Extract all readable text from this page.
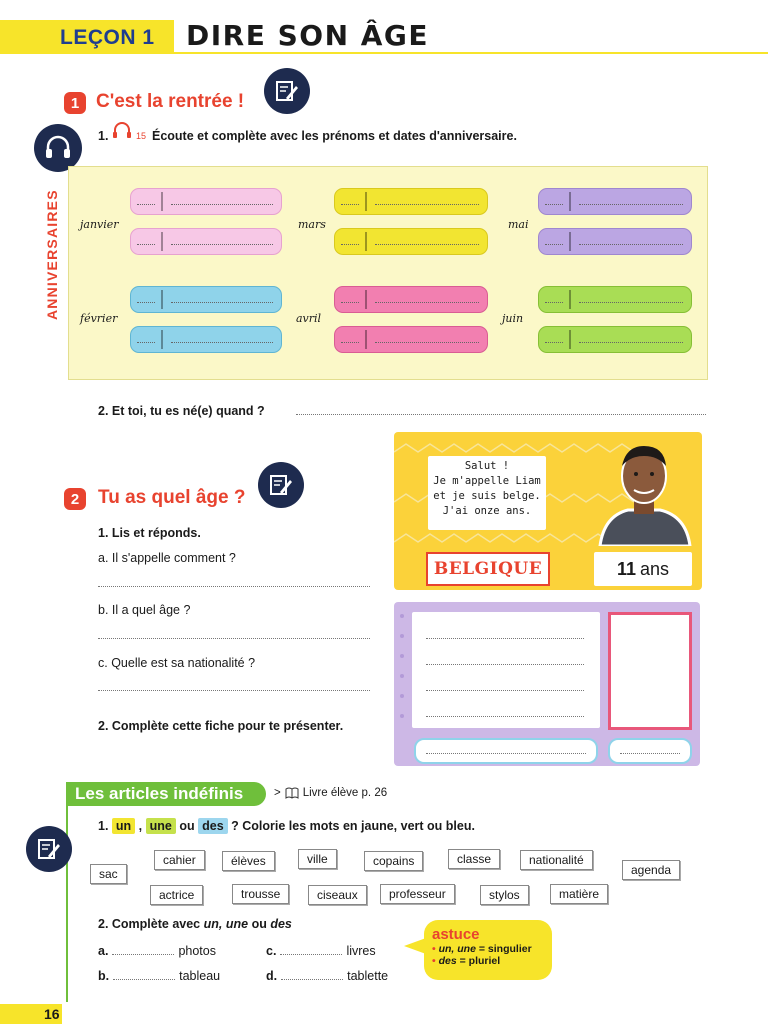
LEÇON 1 DIRE SON ÂGE
1 C'est la rentrée !
1.	15 Écoute et complète avec les prénoms et dates d'anniversaire.
ANNIVERSAIRES janvier	mars	mai
février	avril	juin
2. Et toi, tu es né(e) quand ?
2 Tu as quel âge ?
1. Lis et réponds.
a. Il s'appelle comment ?
b. Il a quel âge ?
c. Quelle est sa nationalité ?
2. Complète cette fiche pour te présenter.
Salut !
Je m'appelle Liam
et je suis belge.
J'ai onze ans.
BELGIQUE	11 ans
Les articles indéfinis	> Livre élève p. 26
1. un , une ou des ? Colorie les mots en jaune, vert ou bleu.
cahier	élèves	ville	copains	classe	nationalité
sac	agenda
actrice	trousse	ciseaux	professeur	stylos	matière
2. Complète avec un, une ou des
a.	photos
b.	tableau
c.	livres
d.	tablette
astuce
• un, une = singulier
• des = pluriel
16
